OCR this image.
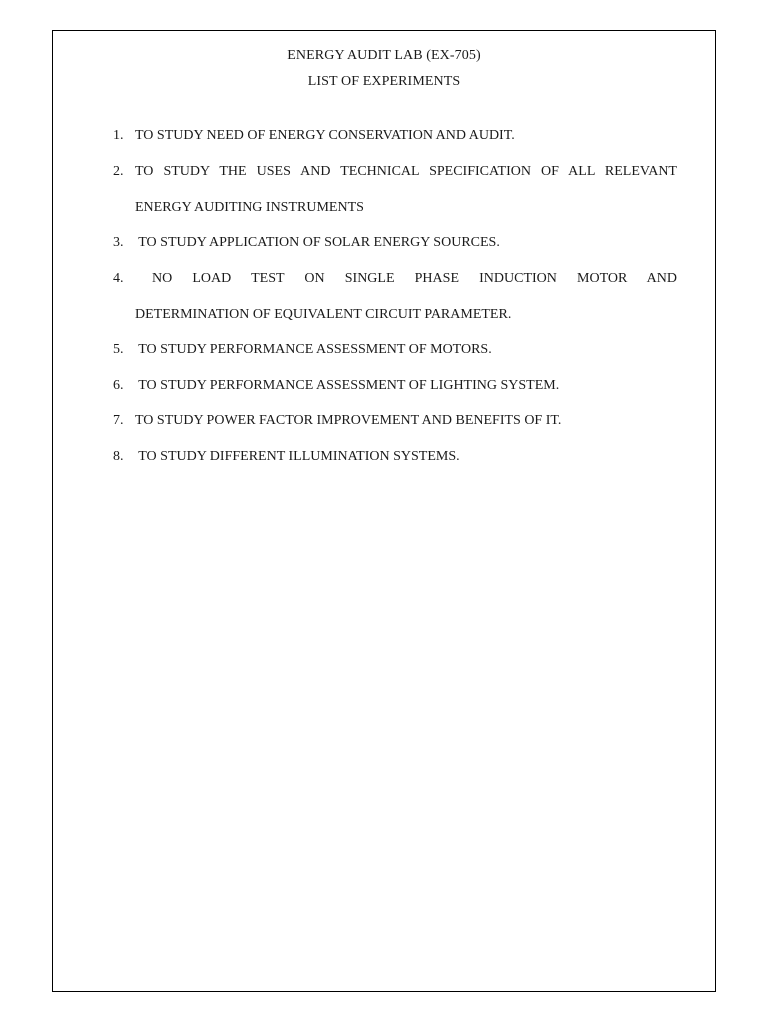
ENERGY AUDIT LAB (EX-705)
LIST OF EXPERIMENTS
1. TO STUDY NEED OF ENERGY CONSERVATION AND AUDIT.
2. TO STUDY THE USES AND TECHNICAL SPECIFICATION OF ALL RELEVANT
ENERGY AUDITING INSTRUMENTS
3. TO STUDY APPLICATION OF SOLAR ENERGY SOURCES.
4. NO LOAD TEST ON SINGLE PHASE INDUCTION MOTOR AND
DETERMINATION OF EQUIVALENT CIRCUIT PARAMETER.
5. TO STUDY PERFORMANCE ASSESSMENT OF MOTORS.
6. TO STUDY PERFORMANCE ASSESSMENT OF LIGHTING SYSTEM.
7. TO STUDY POWER FACTOR IMPROVEMENT AND BENEFITS OF IT.
8. TO STUDY DIFFERENT ILLUMINATION SYSTEMS.
